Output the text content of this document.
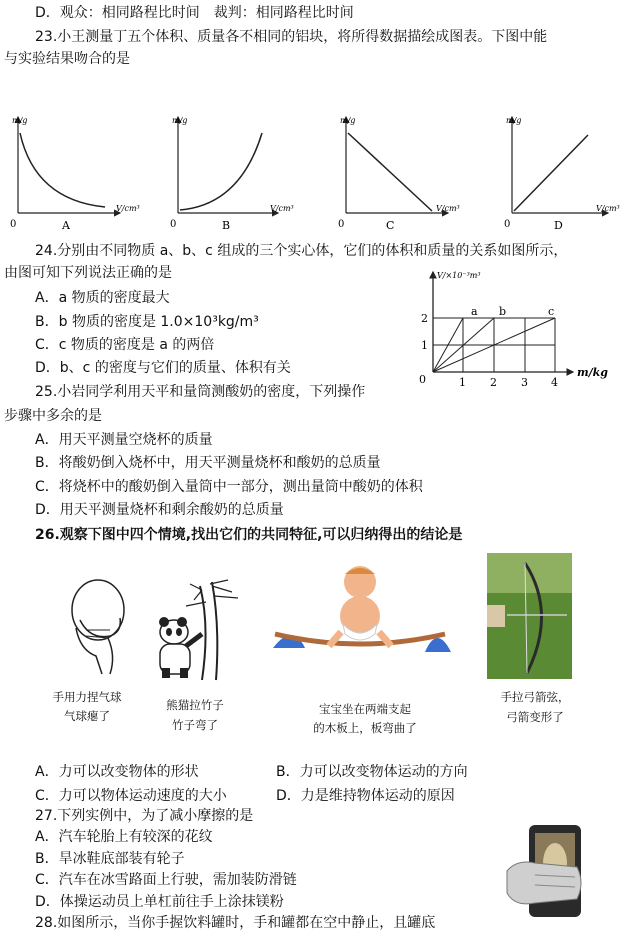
D．观众：相同路程比时间　裁判：相同路程比时间
23.小王测量丁五个体积、质量各不相同的铝块，将所得数据描绘成图表。下图中能
与实验结果吻合的是
0
m/g
V/cm³
A	0
m/g
V/cm³
B	0
m/g
V/cm³
C	0
m/g
V/cm³
D
24.分别由不同物质 a、b、c 组成的三个实心体，它们的体积和质量的关系如图所示，
由图可知下列说法正确的是
A．a 物质的密度最大
B．b 物质的密度是 1.0×10³kg/m³
C．c 物质的密度是 a 的两倍
D．b、c 的密度与它们的质量、体积有关
V/×10⁻³m³
m/kg
0
2
1
1 2 3 4
a b	c
25.小岩同学利用天平和量筒测酸奶的密度，下列操作
步骤中多余的是
A．用天平测量空烧杯的质量
B．将酸奶倒入烧杯中，用天平测量烧杯和酸奶的总质量
C．将烧杯中的酸奶倒入量筒中一部分，测出量筒中酸奶的体积
D．用天平测量烧杯和剩余酸奶的总质量
26.观察下图中四个情境,找出它们的共同特征,可以归纳得出的结论是
手用力捏气球
气球瘪了
熊猫拉竹子
竹子弯了
宝宝坐在两端支起
的木板上，板弯曲了
手拉弓箭弦，
弓箭变形了
A．力可以改变物体的形状	B．力可以改变物体运动的方向
C．力可以物体运动速度的大小	D．力是维持物体运动的原因
27.下列实例中，为了减小摩擦的是
A．汽车轮胎上有较深的花纹
B．旱冰鞋底部装有轮子
C．汽车在冰雪路面上行驶，需加装防滑链
D．体操运动员上单杠前往手上涂抹镁粉
28.如图所示，当你手握饮料罐时，手和罐都在空中静止，且罐底
